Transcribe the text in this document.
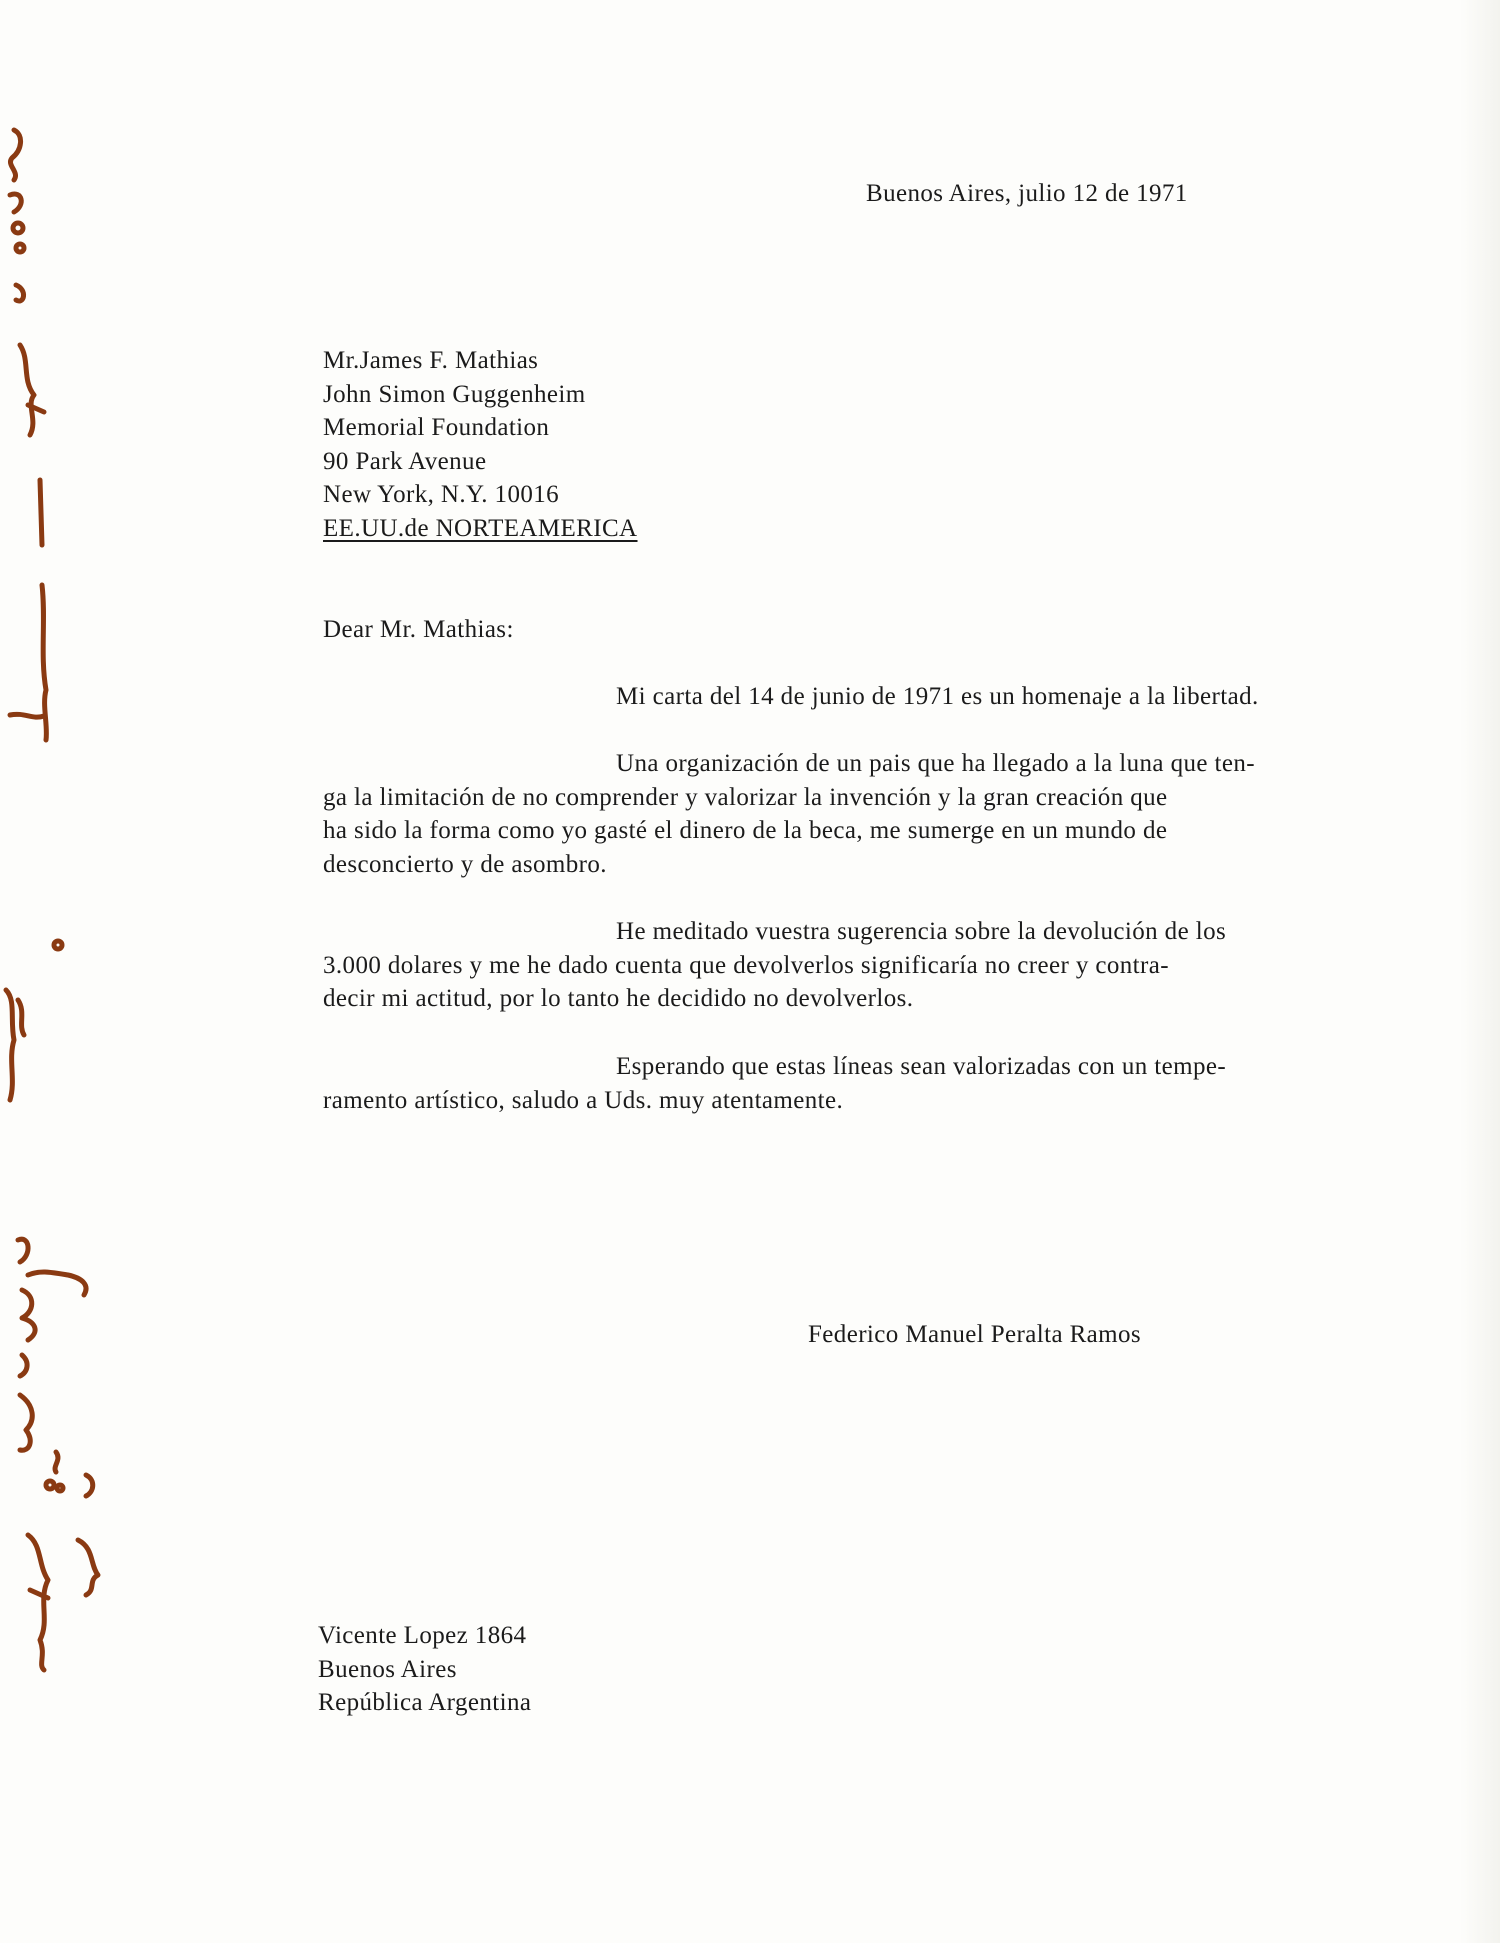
Buenos Aires, julio 12 de 1971
Mr.James F. Mathias
John Simon Guggenheim
Memorial Foundation
90 Park Avenue
New York, N.Y. 10016
EE.UU.de NORTEAMERICA
Dear Mr. Mathias:
Mi carta del 14 de junio de 1971 es un homenaje a la libertad.
Una organización de un pais que ha llegado a la luna que ten-
ga la limitación de no comprender y valorizar la invención y la gran creación que
ha sido la forma como yo gasté el dinero de la beca, me sumerge en un mundo de
desconcierto y de asombro.
He meditado vuestra sugerencia sobre la devolución de los
3.000 dolares y me he dado cuenta que devolverlos significaría no creer y contra-
decir mi actitud, por lo tanto he decidido no devolverlos.
Esperando que estas líneas sean valorizadas con un tempe-
ramento artístico, saludo a Uds. muy atentamente.
Federico Manuel Peralta Ramos
Vicente Lopez 1864
Buenos Aires
República Argentina
